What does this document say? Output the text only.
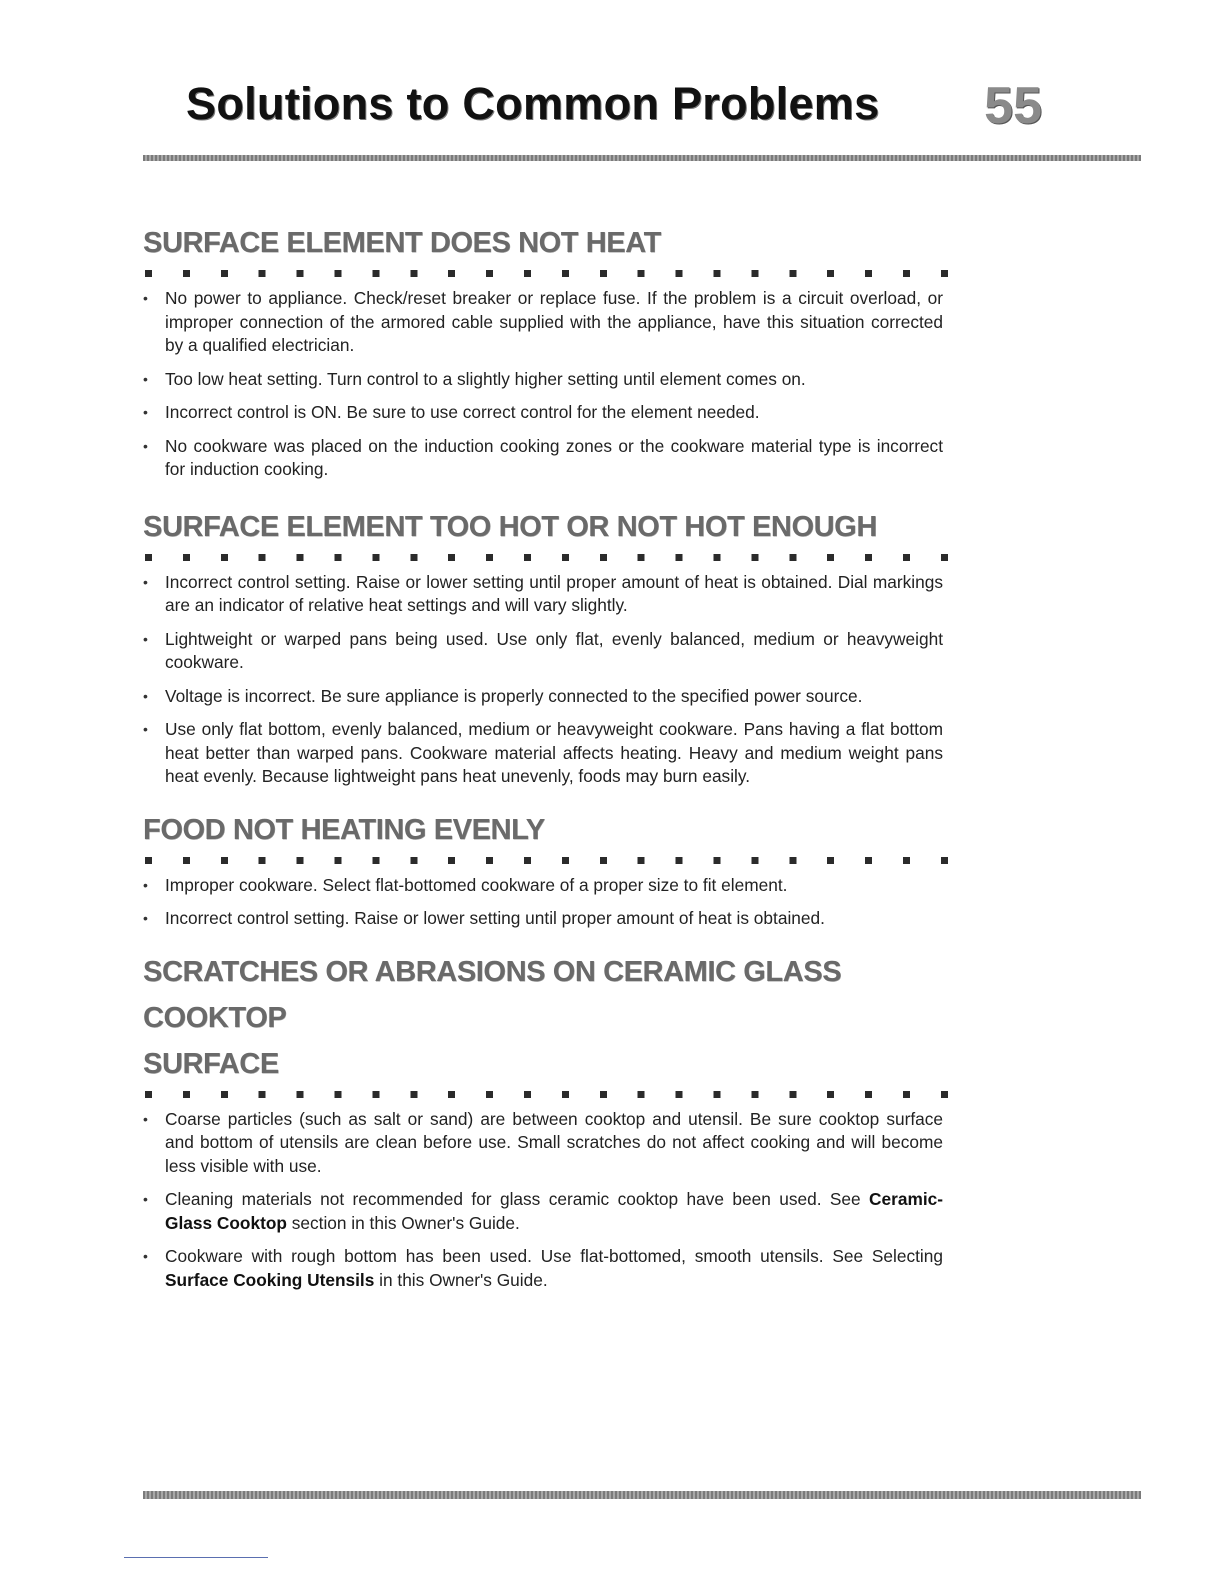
Solutions to Common Problems 55
SURFACE ELEMENT DOES NOT HEAT
• No power to appliance. Check/reset breaker or replace fuse. If the problem is a circuit overload, or improper connection of the armored cable supplied with the appliance, have this situation corrected by a qualified electrician.
• Too low heat setting. Turn control to a slightly higher setting until element comes on.
• Incorrect control is ON. Be sure to use correct control for the element needed.
• No cookware was placed on the induction cooking zones or the cookware material type is incorrect for induction cooking.
SURFACE ELEMENT TOO HOT OR NOT HOT ENOUGH
• Incorrect control setting. Raise or lower setting until proper amount of heat is obtained. Dial markings are an indicator of relative heat settings and will vary slightly.
• Lightweight or warped pans being used. Use only flat, evenly balanced, medium or heavyweight cookware.
• Voltage is incorrect. Be sure appliance is properly connected to the specified power source.
• Use only flat bottom, evenly balanced, medium or heavyweight cookware. Pans having a flat bottom heat better than warped pans. Cookware material affects heating. Heavy and medium weight pans heat evenly. Because lightweight pans heat unevenly, foods may burn easily.
FOOD NOT HEATING EVENLY
• Improper cookware. Select flat-bottomed cookware of a proper size to fit element.
• Incorrect control setting. Raise or lower setting until proper amount of heat is obtained.
SCRATCHES OR ABRASIONS ON CERAMIC GLASS COOKTOP
SURFACE
• Coarse particles (such as salt or sand) are between cooktop and utensil. Be sure cooktop surface and bottom of utensils are clean before use. Small scratches do not affect cooking and will become less visible with use.
• Cleaning materials not recommended for glass ceramic cooktop have been used. See Ceramic-Glass Cooktop section in this Owner's Guide.
• Cookware with rough bottom has been used. Use flat-bottomed, smooth utensils. See Selecting Surface Cooking Utensils in this Owner's Guide.
